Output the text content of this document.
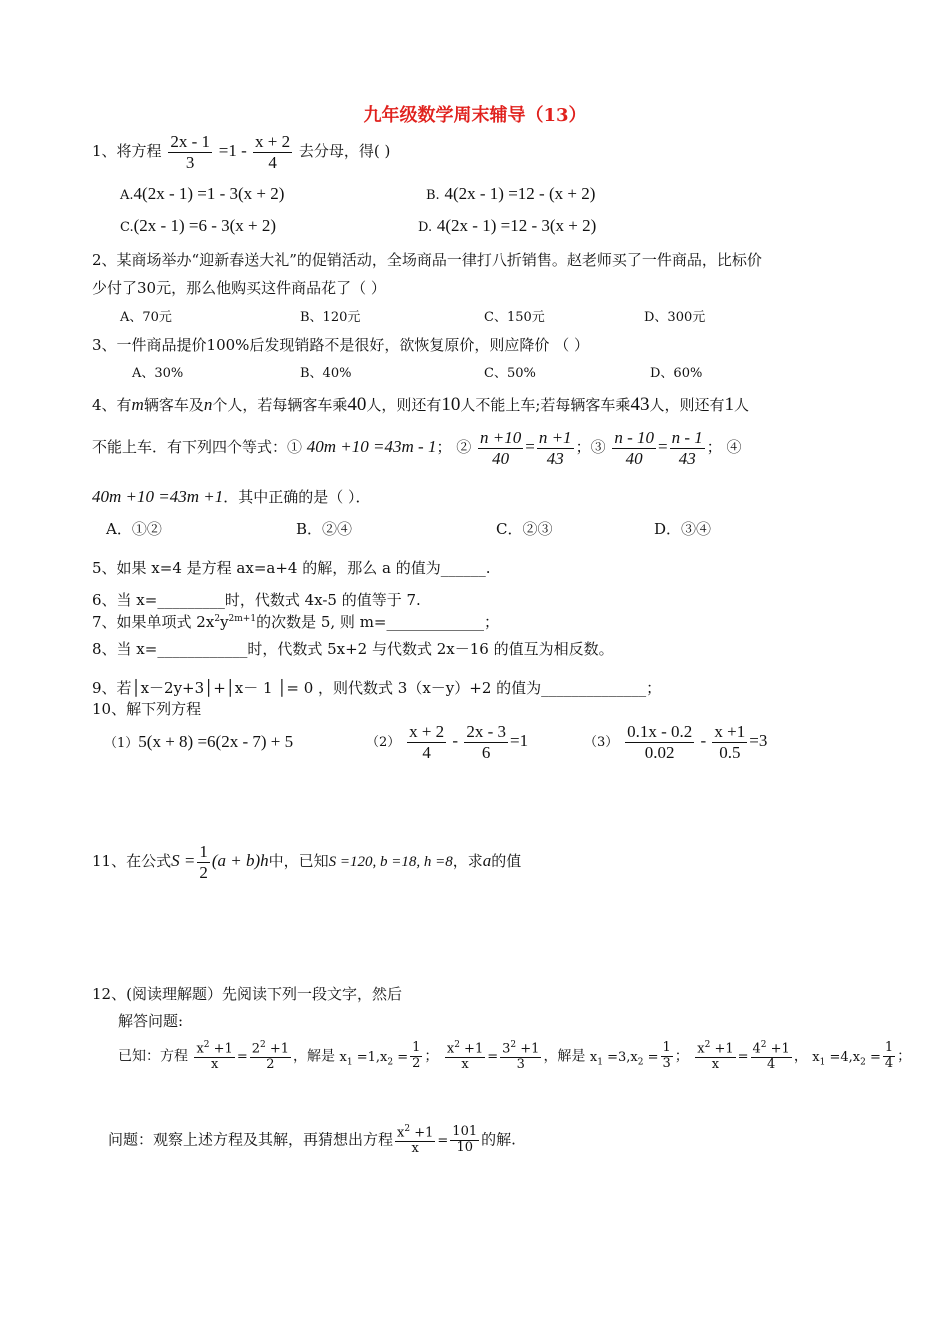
九年级数学周末辅导（13）
1、将方程 $\frac{2x - 1}{3} =1 - \frac{x + 2}{4}$ 去分母，得( )
A.4(2x - 1) =1 - 3(x + 2)	B. 4(2x - 1) =12 - (x + 2)
C.(2x - 1) =6 - 3(x + 2)	D. 4(2x - 1) =12 - 3(x + 2)
2、某商场举办“迎新春送大礼”的促销活动，全场商品一律打八折销售。赵老师买了一件商品，比标价
少付了30元，那么他购买这件商品花了（ ）
A、70元	B、120元	C、150元	D、300元
3、一件商品提价100%后发现销路不是很好，欲恢复原价，则应降价 （ ）
A、30%	B、40%	C、50%	D、60%
4、有m辆客车及n个人，若每辆客车乘40人，则还有10人不能上车;若每辆客车乘43人，则还有1人
不能上车．有下列四个等式：① 40m +10 =43m - 1； ② $\frac{n +10}{40} = \frac{n +1}{43}$ ；③ $\frac{n - 10}{40} = \frac{n - 1}{43}$ ； ④
40m +10 =43m +1．其中正确的是（ ）．
A．①②	B．②④	C．②③	D．③④
5、如果 x=4 是方程 ax=a+4 的解，那么 a 的值为______.
6、当 x=_________时，代数式 4x-5 的值等于 7.
7、如果单项式 $2x^2y^{2m+1}$的次数是 5, 则 m=_____________；
8、当 x=____________时，代数式 5x+2 与代数式 2x－16 的值互为相反数。
9、若│x－2y+3│+│x－ 1 │= 0 ，则代数式 3（x－y）+2 的值为______________；
10、解下列方程
（1）5(x + 8) =6(2x - 7) + 5	$(2) \frac{x + 2}{4} - \frac{2x - 3}{6} =1$	$(3) \frac{0.1x - 0.2}{0.02} - \frac{x +1}{0.5} =3$
11、在公式$S = \frac{1}{2} (a + b)h$中，已知S =120, b =18, h =8，求a的值
12、(阅读理解题）先阅读下列一段文字，然后
解答问题:
已知：方程 $\frac{x^2 +1}{x} = \frac{2^2 +1}{2}$ ，解是 $x_1 =1,x_2 = \frac{1}{2}$ ； $\frac{x^2 +1}{x} = \frac{3^2 +1}{3}$ ，解是 $x_1 =3,x_2 = \frac{1}{3}$ ； $\frac{x^2 +1}{x} = \frac{4^2 +1}{4}$ ， $x_1 =4,x_2 = \frac{1}{4}$ ；
问题：观察上述方程及其解，再猜想出方程 $\frac{x^2 +1}{x} = \frac{101}{10}$ 的解.
